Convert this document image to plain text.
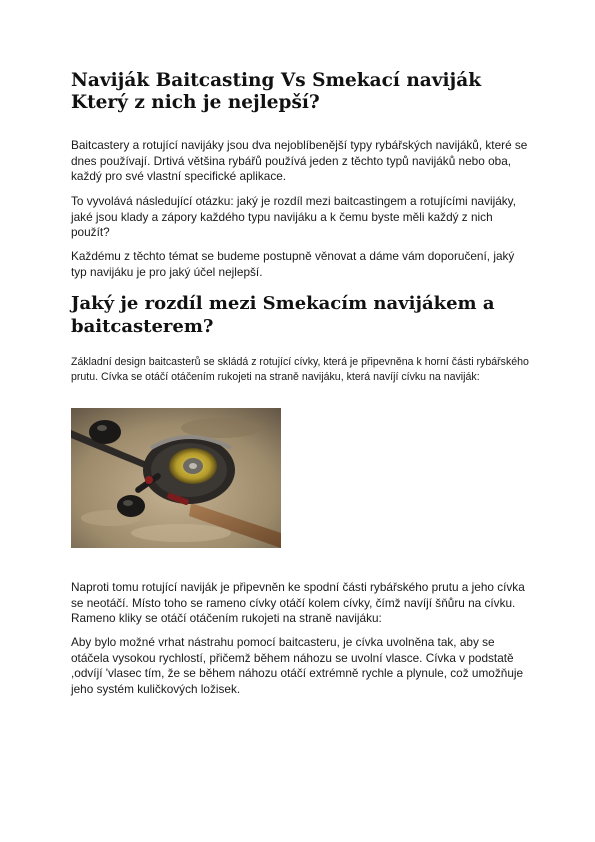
Naviják Baitcasting Vs Smekací naviják
Který z nich je nejlepší?

Baitcastery a rotující navijáky jsou dva nejoblíbenější typy rybářských navijáků, které se dnes používají. Drtivá většina rybářů používá jeden z těchto typů navijáků nebo oba, každý pro své vlastní specifické aplikace.

To vyvolává následující otázku: jaký je rozdíl mezi baitcastingem a rotujícími navijáky, jaké jsou klady a zápory každého typu navijáku a k čemu byste měli každý z nich použít?

Každému z těchto témat se budeme postupně věnovat a dáme vám doporučení, jaký typ navijáku je pro jaký účel nejlepší.

Jaký je rozdíl mezi Smekacím navijákem a baitcasterem?

Základní design baitcasterů se skládá z rotující cívky, která je připevněna k horní části rybářského prutu. Cívka se otáčí otáčením rukojeti na straně navijáku, která navíjí cívku na naviják:

Naproti tomu rotující naviják je připevněn ke spodní části rybářského prutu a jeho cívka se neotáčí. Místo toho se rameno cívky otáčí kolem cívky, čímž navíjí šňůru na cívku. Rameno kliky se otáčí otáčením rukojeti na straně navijáku:

Aby bylo možné vrhat nástrahu pomocí baitcasteru, je cívka uvolněna tak, aby se otáčela vysokou rychlostí, přičemž během náhozu se uvolní vlasce. Cívka v podstatě ,odvíjí 'vlasec tím, že se během náhozu otáčí extrémně rychle a plynule, což umožňuje jeho systém kuličkových ložisek.
